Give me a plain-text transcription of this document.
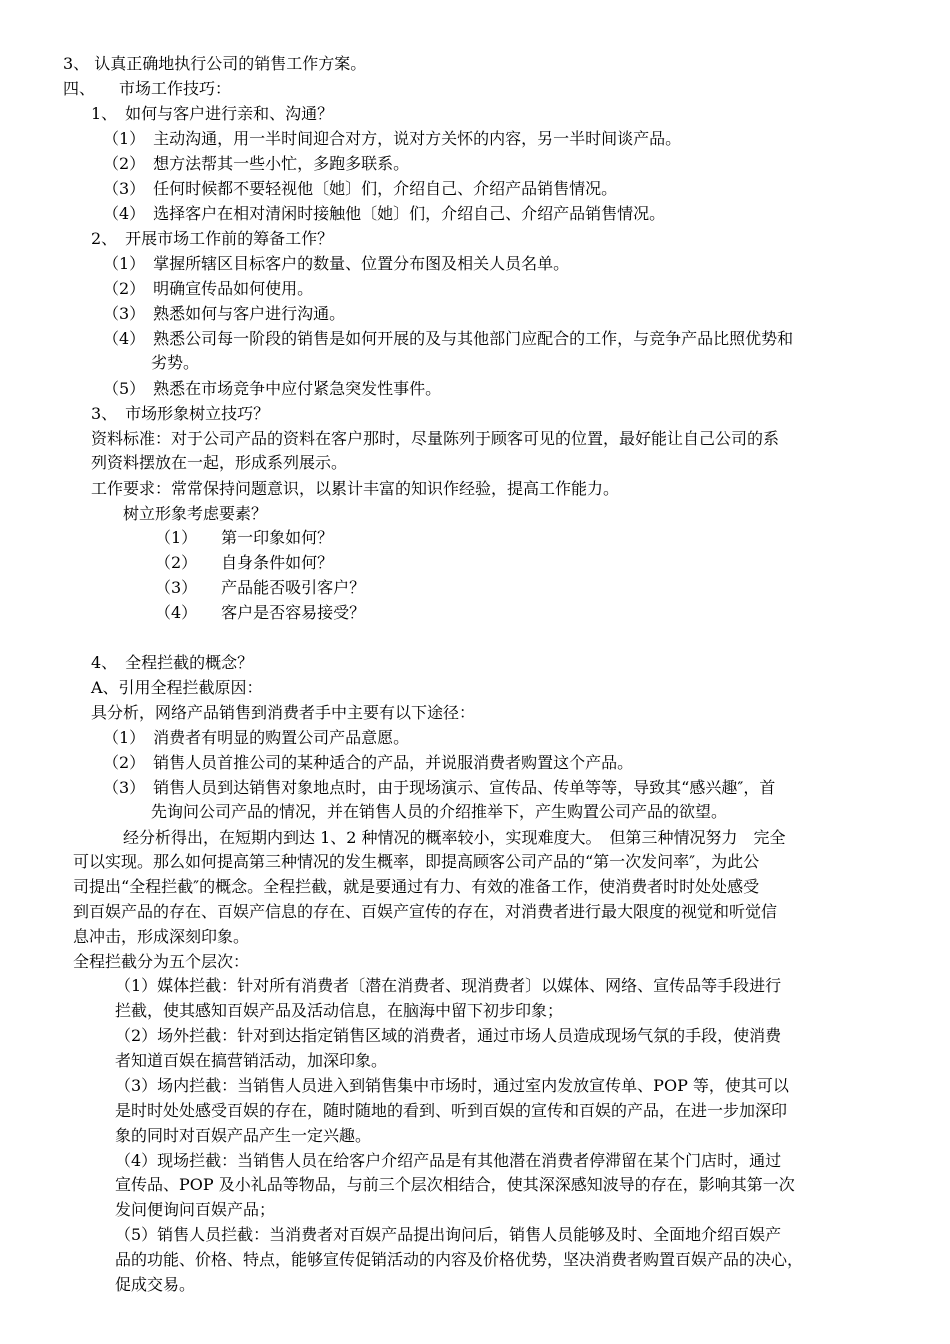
3、 认真正确地执行公司的销售工作方案。
四、　　市场工作技巧：
1、　如何与客户进行亲和、沟通？
（1）　主动沟通，用一半时间迎合对方，说对方关怀的内容，另一半时间谈产品。
（2）　想方法帮其一些小忙，多跑多联系。
（3）　任何时候都不要轻视他〔她〕们，介绍自己、介绍产品销售情况。
（4）　选择客户在相对清闲时接触他〔她〕们，介绍自己、介绍产品销售情况。
2、　开展市场工作前的筹备工作？
（1）　掌握所辖区目标客户的数量、位置分布图及相关人员名单。
（2）　明确宣传品如何使用。
（3）　熟悉如何与客户进行沟通。
（4）　熟悉公司每一阶段的销售是如何开展的及与其他部门应配合的工作，与竞争产品比照优势和
劣势。
（5）　熟悉在市场竞争中应付紧急突发性事件。
3、　市场形象树立技巧？
资料标准：对于公司产品的资料在客户那时，尽量陈列于顾客可见的位置，最好能让自己公司的系
列资料摆放在一起，形成系列展示。
工作要求：常常保持问题意识，以累计丰富的知识作经验，提高工作能力。
树立形象考虑要素？
（1）　　第一印象如何？
（2）　　自身条件如何？
（3）　　产品能否吸引客户？
（4）　　客户是否容易接受？
4、　全程拦截的概念？
A、引用全程拦截原因：
具分析，网络产品销售到消费者手中主要有以下途径：
（1）　消费者有明显的购置公司产品意愿。
（2）　销售人员首推公司的某种适合的产品，并说服消费者购置这个产品。
（3）　销售人员到达销售对象地点时，由于现场演示、宣传品、传单等等，导致其“感兴趣″，首
先询问公司产品的情况，并在销售人员的介绍推举下，产生购置公司产品的欲望。
经分析得出，在短期内到达 1、2 种情况的概率较小，实现难度大。　但第三种情况努力　完全
可以实现。那么如何提高第三种情况的发生概率，即提高顾客公司产品的“第一次发问率″，为此公
司提出“全程拦截″的概念。全程拦截，就是要通过有力、有效的准备工作，使消费者时时处处感受
到百娱产品的存在、百娱产信息的存在、百娱产宣传的存在，对消费者进行最大限度的视觉和听觉信
息冲击，形成深刻印象。
全程拦截分为五个层次：
（1）媒体拦截：针对所有消费者〔潜在消费者、现消费者〕以媒体、网络、宣传品等手段进行
拦截，使其感知百娱产品及活动信息，在脑海中留下初步印象；
（2）场外拦截：针对到达指定销售区域的消费者，通过市场人员造成现场气氛的手段，使消费
者知道百娱在搞营销活动，加深印象。
（3）场内拦截：当销售人员进入到销售集中市场时，通过室内发放宣传单、POP 等，使其可以
是时时处处感受百娱的存在，随时随地的看到、听到百娱的宣传和百娱的产品，在进一步加深印
象的同时对百娱产品产生一定兴趣。
（4）现场拦截：当销售人员在给客户介绍产品是有其他潜在消费者停滞留在某个门店时，通过
宣传品、POP 及小礼品等物品，与前三个层次相结合，使其深深感知波导的存在，影响其第一次
发问便询问百娱产品；
（5）销售人员拦截：当消费者对百娱产品提出询问后，销售人员能够及时、全面地介绍百娱产
品的功能、价格、特点，能够宣传促销活动的内容及价格优势，坚决消费者购置百娱产品的决心，
促成交易。
